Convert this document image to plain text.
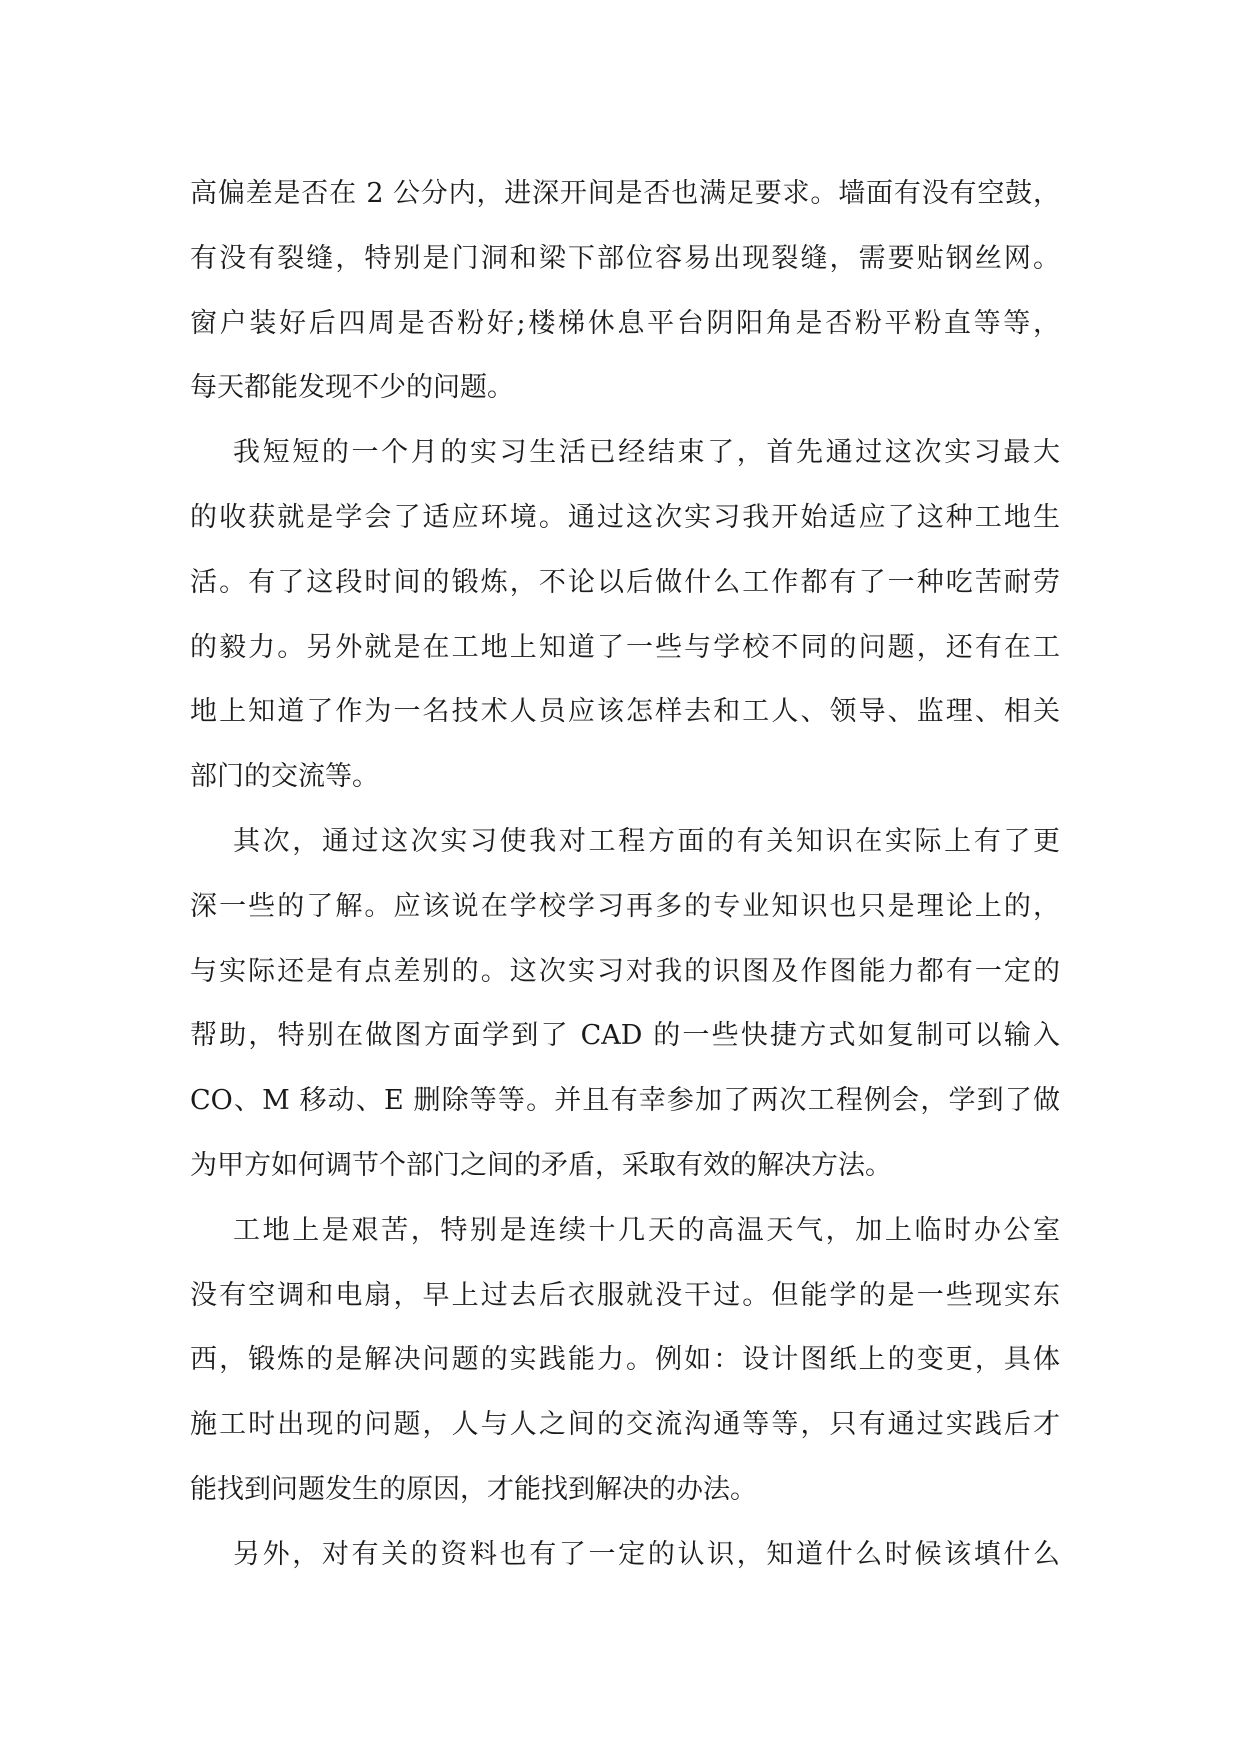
高偏差是否在 2 公分内，进深开间是否也满足要求。墙面有没有空鼓，
有没有裂缝，特别是门洞和梁下部位容易出现裂缝，需要贴钢丝网。
窗户装好后四周是否粉好;楼梯休息平台阴阳角是否粉平粉直等等，
每天都能发现不少的问题。
我短短的一个月的实习生活已经结束了，首先通过这次实习最大
的收获就是学会了适应环境。通过这次实习我开始适应了这种工地生
活。有了这段时间的锻炼，不论以后做什么工作都有了一种吃苦耐劳
的毅力。另外就是在工地上知道了一些与学校不同的问题，还有在工
地上知道了作为一名技术人员应该怎样去和工人、领导、监理、相关
部门的交流等。
其次，通过这次实习使我对工程方面的有关知识在实际上有了更
深一些的了解。应该说在学校学习再多的专业知识也只是理论上的，
与实际还是有点差别的。这次实习对我的识图及作图能力都有一定的
帮助，特别在做图方面学到了 CAD 的一些快捷方式如复制可以输入
CO、M 移动、E 删除等等。并且有幸参加了两次工程例会，学到了做
为甲方如何调节个部门之间的矛盾，采取有效的解决方法。
工地上是艰苦，特别是连续十几天的高温天气，加上临时办公室
没有空调和电扇，早上过去后衣服就没干过。但能学的是一些现实东
西，锻炼的是解决问题的实践能力。例如：设计图纸上的变更，具体
施工时出现的问题，人与人之间的交流沟通等等，只有通过实践后才
能找到问题发生的原因，才能找到解决的办法。
另外，对有关的资料也有了一定的认识，知道什么时候该填什么
